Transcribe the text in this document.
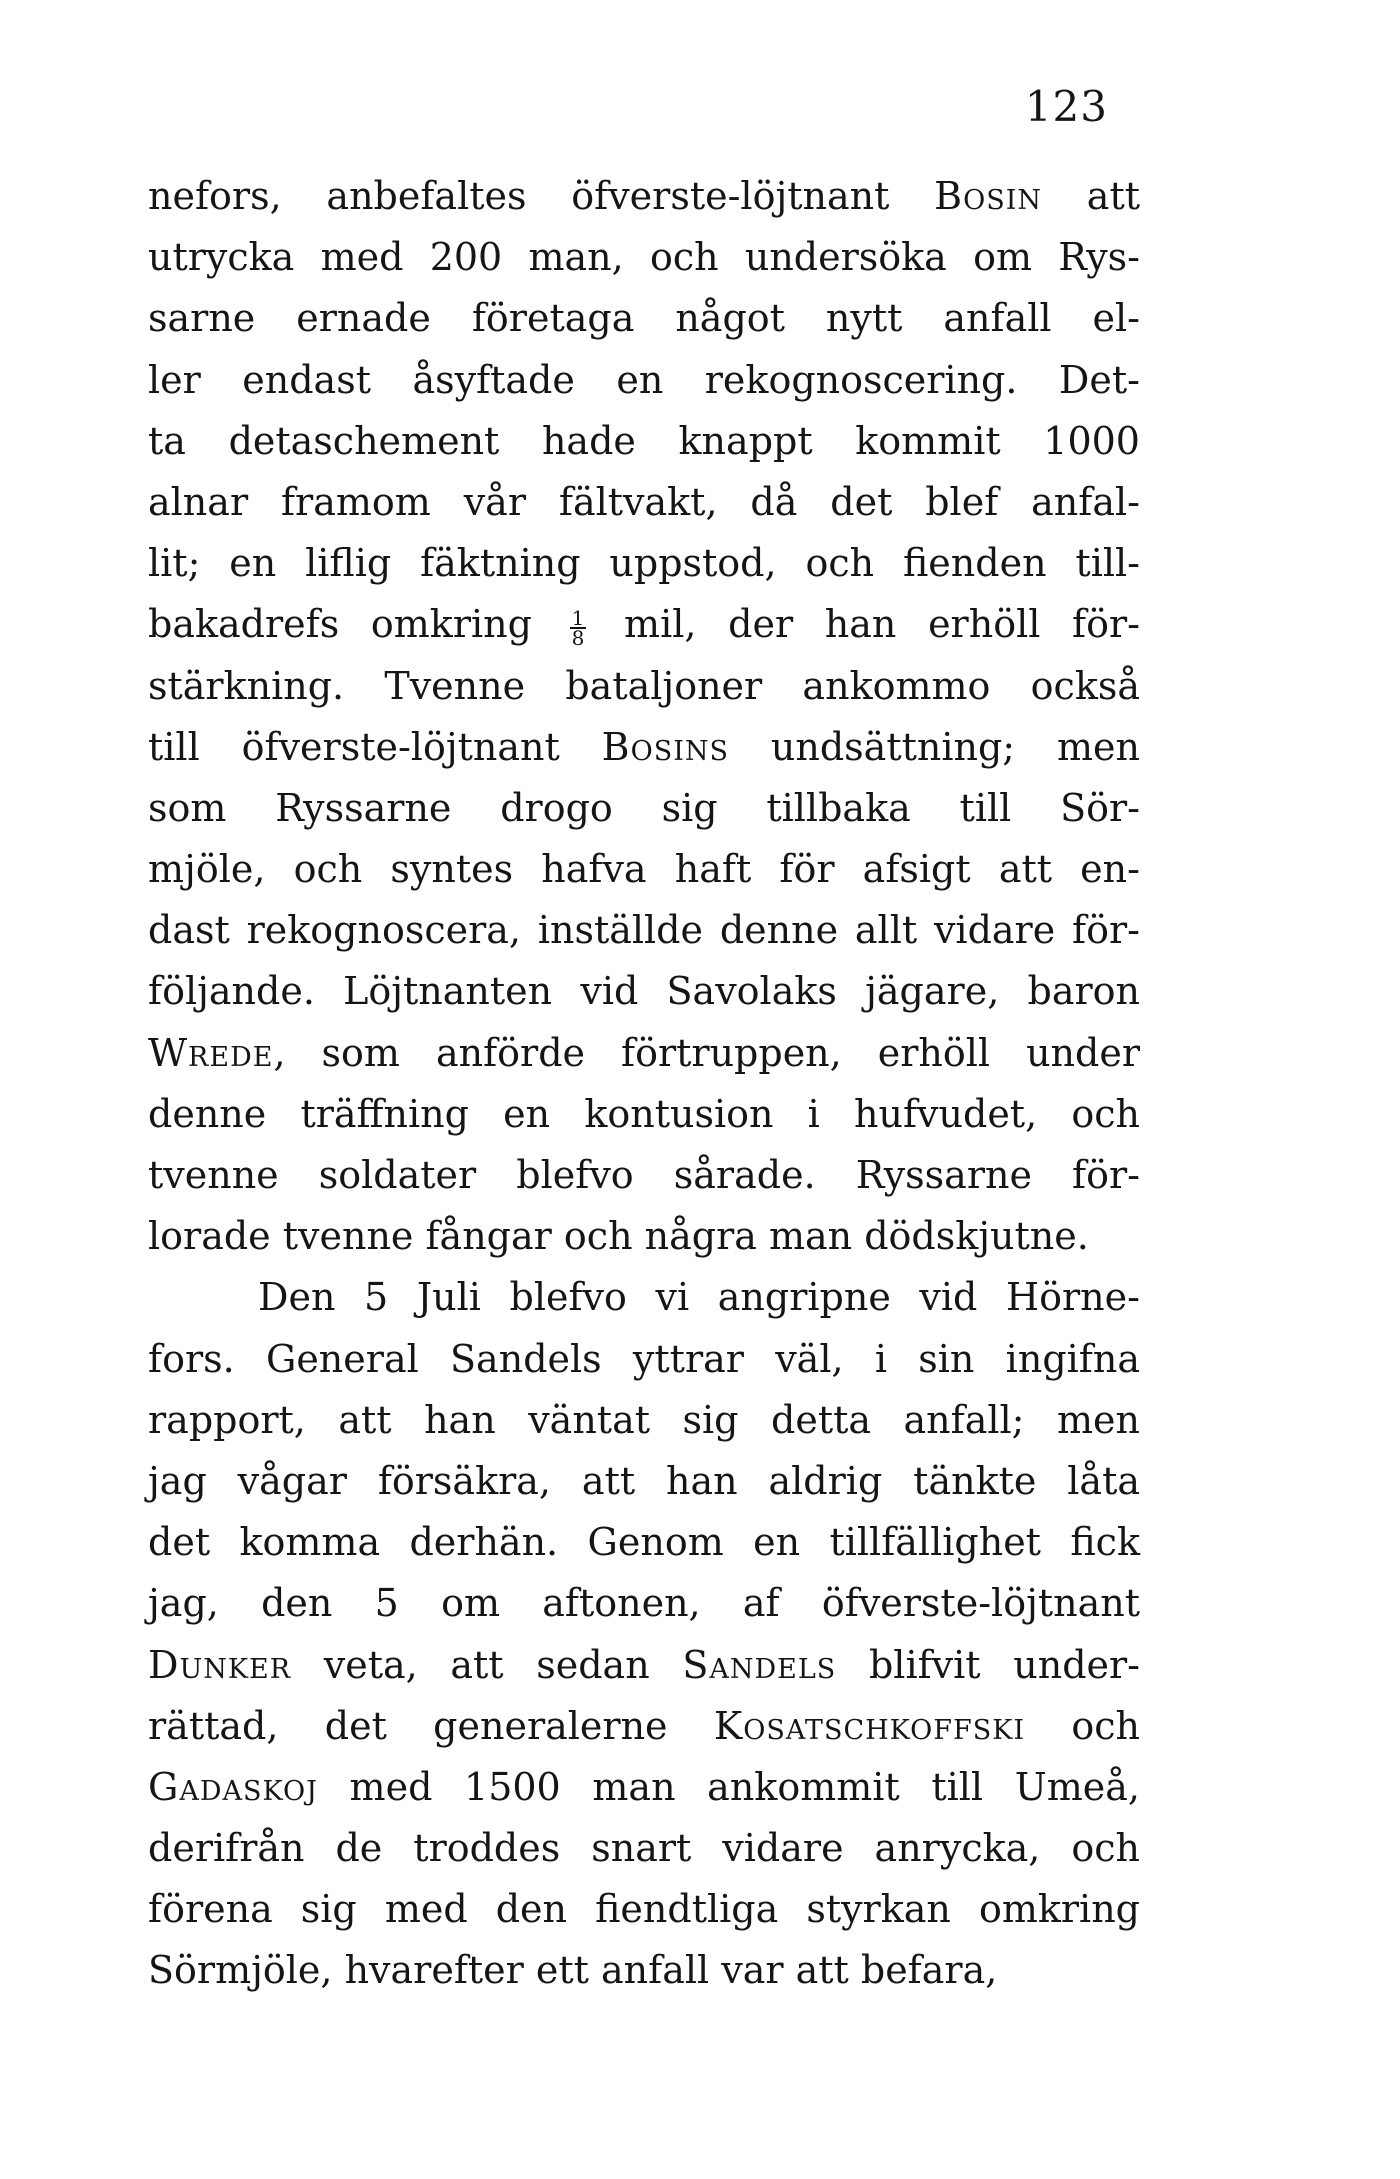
123
nefors, anbefaltes öfverste-löjtnant Bosin att
utrycka med 200 man, och undersöka om Rys-
sarne ernade företaga något nytt anfall el-
ler endast åsyftade en rekognoscering. Det-
ta detaschement hade knappt kommit 1000
alnar framom vår fältvakt, då det blef anfal-
lit; en liflig fäktning uppstod, och fienden till-
bakadrefs omkring $\frac{1}{8}$ mil, der han erhöll för-
stärkning. Tvenne bataljoner ankommo också
till öfverste-löjtnant Bosins undsättning; men
som Ryssarne drogo sig tillbaka till Sör-
mjöle, och syntes hafva haft för afsigt att en-
dast rekognoscera, inställde denne allt vidare för-
följande. Löjtnanten vid Savolaks jägare, baron
Wrede, som anförde förtruppen, erhöll under
denne träffning en kontusion i hufvudet, och
tvenne soldater blefvo sårade. Ryssarne för-
lorade tvenne fångar och några man dödskjutne.
Den 5 Juli blefvo vi angripne vid Hörne-
fors. General Sandels yttrar väl, i sin ingifna
rapport, att han väntat sig detta anfall; men
jag vågar försäkra, att han aldrig tänkte låta
det komma derhän. Genom en tillfällighet fick
jag, den 5 om aftonen, af öfverste-löjtnant
Dunker veta, att sedan Sandels blifvit under-
rättad, det generalerne Kosatschkoffski och
Gadaskoj med 1500 man ankommit till Umeå,
derifrån de troddes snart vidare anrycka, och
förena sig med den fiendtliga styrkan omkring
Sörmjöle, hvarefter ett anfall var att befara,
